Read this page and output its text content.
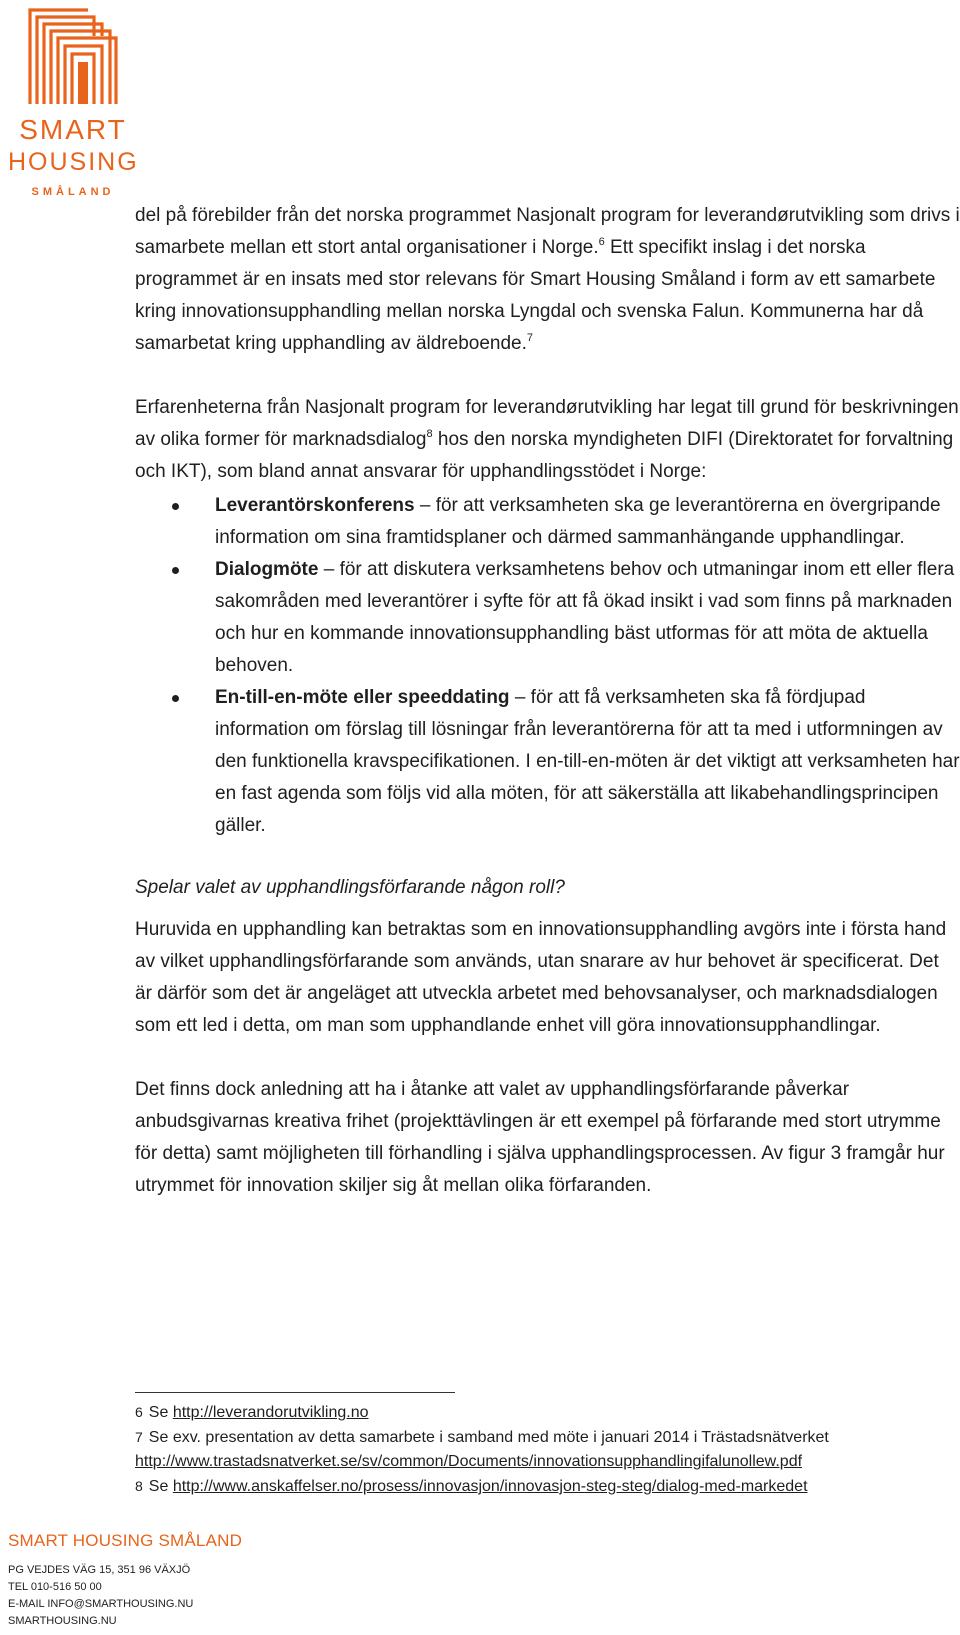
SMART
HOUSING
SMÅLAND

del på förebilder från det norska programmet Nasjonalt program for leverandørutvikling som drivs i samarbete mellan ett stort antal organisationer i Norge.$^6$ Ett specifikt inslag i det norska programmet är en insats med stor relevans för Smart Housing Småland i form av ett samarbete kring innovationsupphandling mellan norska Lyngdal och svenska Falun. Kommunerna har då samarbetat kring upphandling av äldreboende.$^7$

Erfarenheterna från Nasjonalt program for leverandørutvikling har legat till grund för beskrivningen av olika former för marknadsdialog$^8$ hos den norska myndigheten DIFI (Direktoratet for forvaltning och IKT), som bland annat ansvarar för upphandlingsstödet i Norge:

Leverantörskonferens – för att verksamheten ska ge leverantörerna en övergripande information om sina framtidsplaner och därmed sammanhängande upphandlingar.
Dialogmöte – för att diskutera verksamhetens behov och utmaningar inom ett eller flera sakområden med leverantörer i syfte för att få ökad insikt i vad som finns på marknaden och hur en kommande innovationsupphandling bäst utformas för att möta de aktuella behoven.
En-till-en-möte eller speeddating – för att få verksamheten ska få fördjupad information om förslag till lösningar från leverantörerna för att ta med i utformningen av den funktionella kravspecifikationen. I en-till-en-möten är det viktigt att verksamheten har en fast agenda som följs vid alla möten, för att säkerställa att likabehandlingsprincipen gäller.

Spelar valet av upphandlingsförfarande någon roll?

Huruvida en upphandling kan betraktas som en innovationsupphandling avgörs inte i första hand av vilket upphandlingsförfarande som används, utan snarare av hur behovet är specificerat. Det är därför som det är angeläget att utveckla arbetet med behovsanalyser, och marknadsdialogen som ett led i detta, om man som upphandlande enhet vill göra innovationsupphandlingar.

Det finns dock anledning att ha i åtanke att valet av upphandlingsförfarande påverkar anbudsgivarnas kreativa frihet (projekttävlingen är ett exempel på förfarande med stort utrymme för detta) samt möjligheten till förhandling i själva upphandlingsprocessen. Av figur 3 framgår hur utrymmet för innovation skiljer sig åt mellan olika förfaranden.

6 Se http://leverandorutvikling.no
7 Se exv. presentation av detta samarbete i samband med möte i januari 2014 i Trästadsnätverket
http://www.trastadsnatverket.se/sv/common/Documents/innovationsupphandlingifalunollew.pdf
8 Se http://www.anskaffelser.no/prosess/innovasjon/innovasjon-steg-steg/dialog-med-markedet
SMART HOUSING SMÅLAND
PG VEJDES VÄG 15, 351 96 VÄXJÖ
TEL 010-516 50 00
E-MAIL INFO@SMARTHOUSING.NU
SMARTHOUSING.NU
